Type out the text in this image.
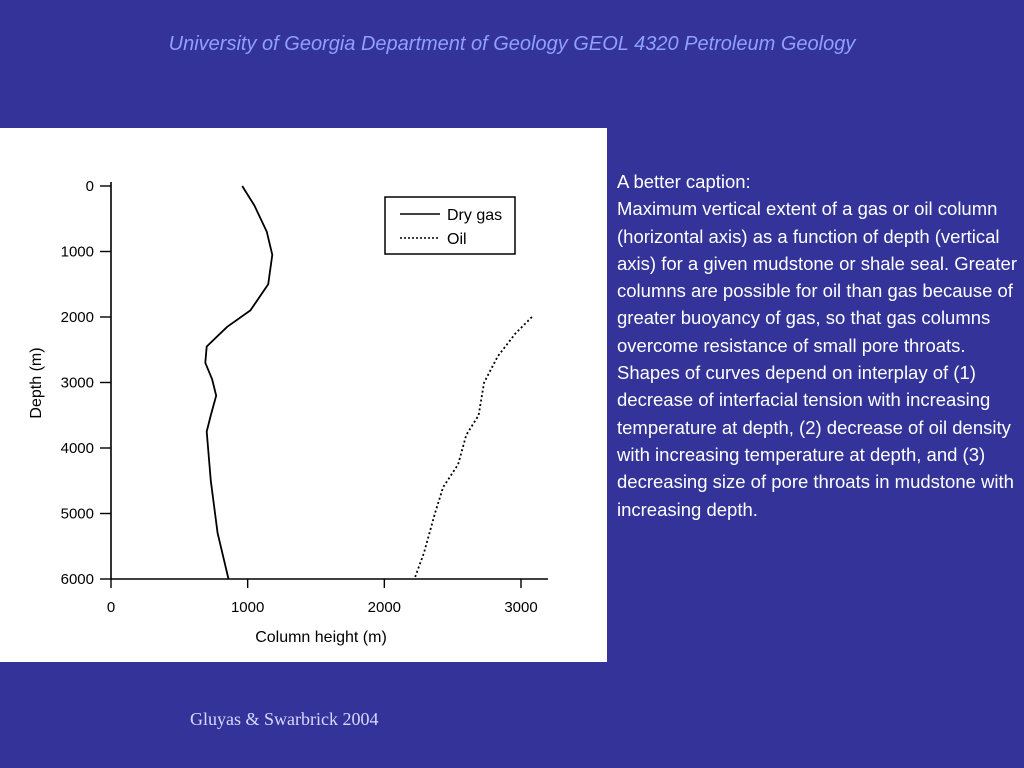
University of Georgia Department of Geology GEOL 4320 Petroleum Geology
0
1000
2000
3000
4000
5000
6000
0	1000	2000	3000
Column height (m)
Depth (m)
Dry gas
Oil

A better caption:

Maximum vertical extent of a gas or oil column (horizontal axis) as a function of depth (vertical axis) for a given mudstone or shale seal. Greater columns are possible for oil than gas because of greater buoyancy of gas, so that gas columns overcome resistance of small pore throats. Shapes of curves depend on interplay of (1) decrease of interfacial tension with increasing temperature at depth, (2) decrease of oil density with increasing temperature at depth, and (3) decreasing size of pore throats in mudstone with increasing depth.

Gluyas & Swarbrick 2004
